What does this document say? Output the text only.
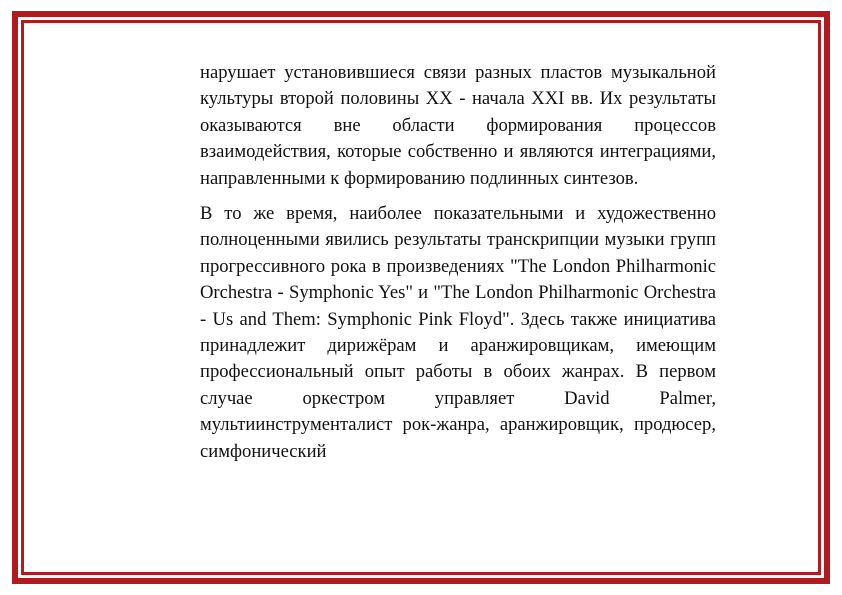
нарушает установившиеся связи разных пластов музыкальной культуры второй половины XX - начала XXI вв. Их результаты оказываются вне области формирования процессов взаимодействия, которые собственно и являются интеграциями, направленными к формированию подлинных синтезов.

В то же время, наиболее показательными и художественно полноценными явились результаты транскрипции музыки групп прогрессивного рока в произведениях "The London Philharmonic Orchestra - Symphonic Yes" и "The London Philharmonic Orchestra - Us and Them: Symphonic Pink Floyd". Здесь также инициатива принадлежит дирижёрам и аранжировщикам, имеющим профессиональный опыт работы в обоих жанрах. В первом случае оркестром управляет David Palmer, мультиинструменталист рок-жанра, аранжировщик, продюсер, симфонический
